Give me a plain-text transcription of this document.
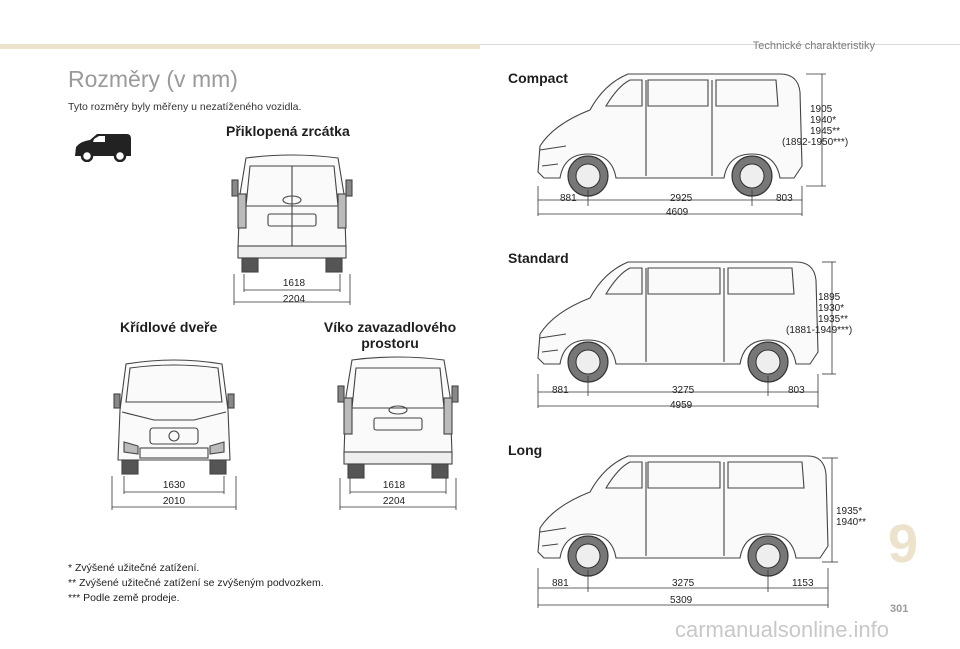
Technické charakteristiky
Rozměry (v mm)
Tyto rozměry byly měřeny u nezatíženého vozidla.
Přiklopená zrcátka
1618
2204
Křídlové dveře
1630
2010
Víko zavazadlového
prostoru
1618
2204
* Zvýšené užitečné zatížení.
** Zvýšené užitečné zatížení se zvýšeným podvozkem.
*** Podle země prodeje.
Compact
881	2925	803
4609
1905
1940*
1945**
(1892-1950***)
Standard
881	3275	803
4959
1895
1930*
1935**
(1881-1949***)
Long
881	3275	1153
5309
1935*
1940** 9
301
carmanualsonline.info
